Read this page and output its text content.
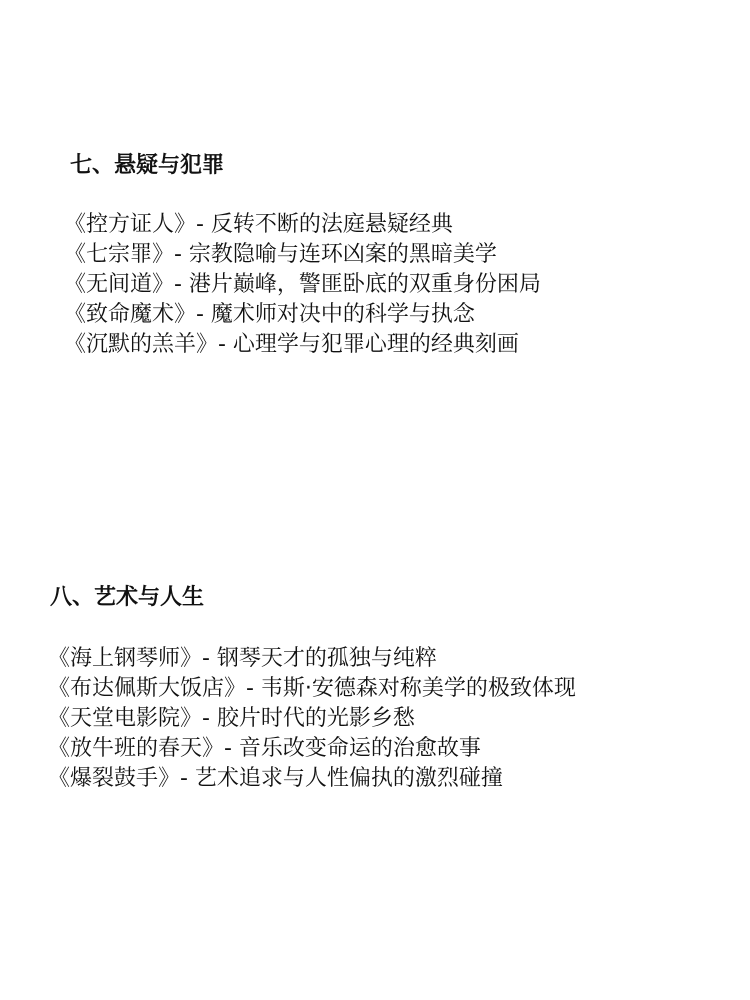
七、悬疑与犯罪
《控方证人》- 反转不断的法庭悬疑经典
《七宗罪》- 宗教隐喻与连环凶案的黑暗美学
《无间道》- 港片巅峰，警匪卧底的双重身份困局
《致命魔术》- 魔术师对决中的科学与执念
《沉默的羔羊》- 心理学与犯罪心理的经典刻画
八、艺术与人生
《海上钢琴师》- 钢琴天才的孤独与纯粹
《布达佩斯大饭店》- 韦斯·安德森对称美学的极致体现
《天堂电影院》- 胶片时代的光影乡愁
《放牛班的春天》- 音乐改变命运的治愈故事
《爆裂鼓手》- 艺术追求与人性偏执的激烈碰撞
